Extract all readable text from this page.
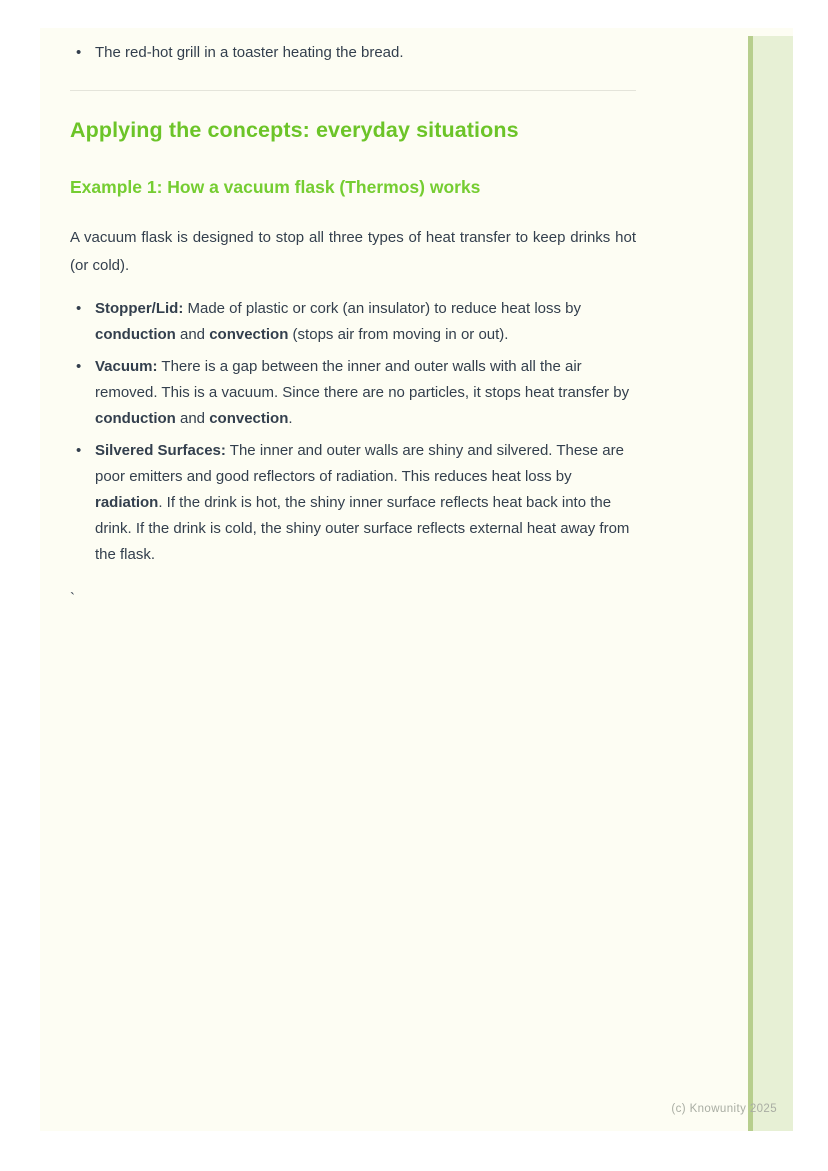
• The red-hot grill in a toaster heating the bread.
Applying the concepts: everyday situations
Example 1: How a vacuum flask (Thermos) works

A vacuum flask is designed to stop all three types of heat transfer to keep drinks hot (or cold).

• Stopper/Lid: Made of plastic or cork (an insulator) to reduce heat loss by conduction and convection (stops air from moving in or out).
• Vacuum: There is a gap between the inner and outer walls with all the air removed. This is a vacuum. Since there are no particles, it stops heat transfer by conduction and convection.
• Silvered Surfaces: The inner and outer walls are shiny and silvered. These are poor emitters and good reflectors of radiation. This reduces heat loss by radiation. If the drink is hot, the shiny inner surface reflects heat back into the drink. If the drink is cold, the shiny outer surface reflects external heat away from the flask.
`
(c) Knowunity 2025
